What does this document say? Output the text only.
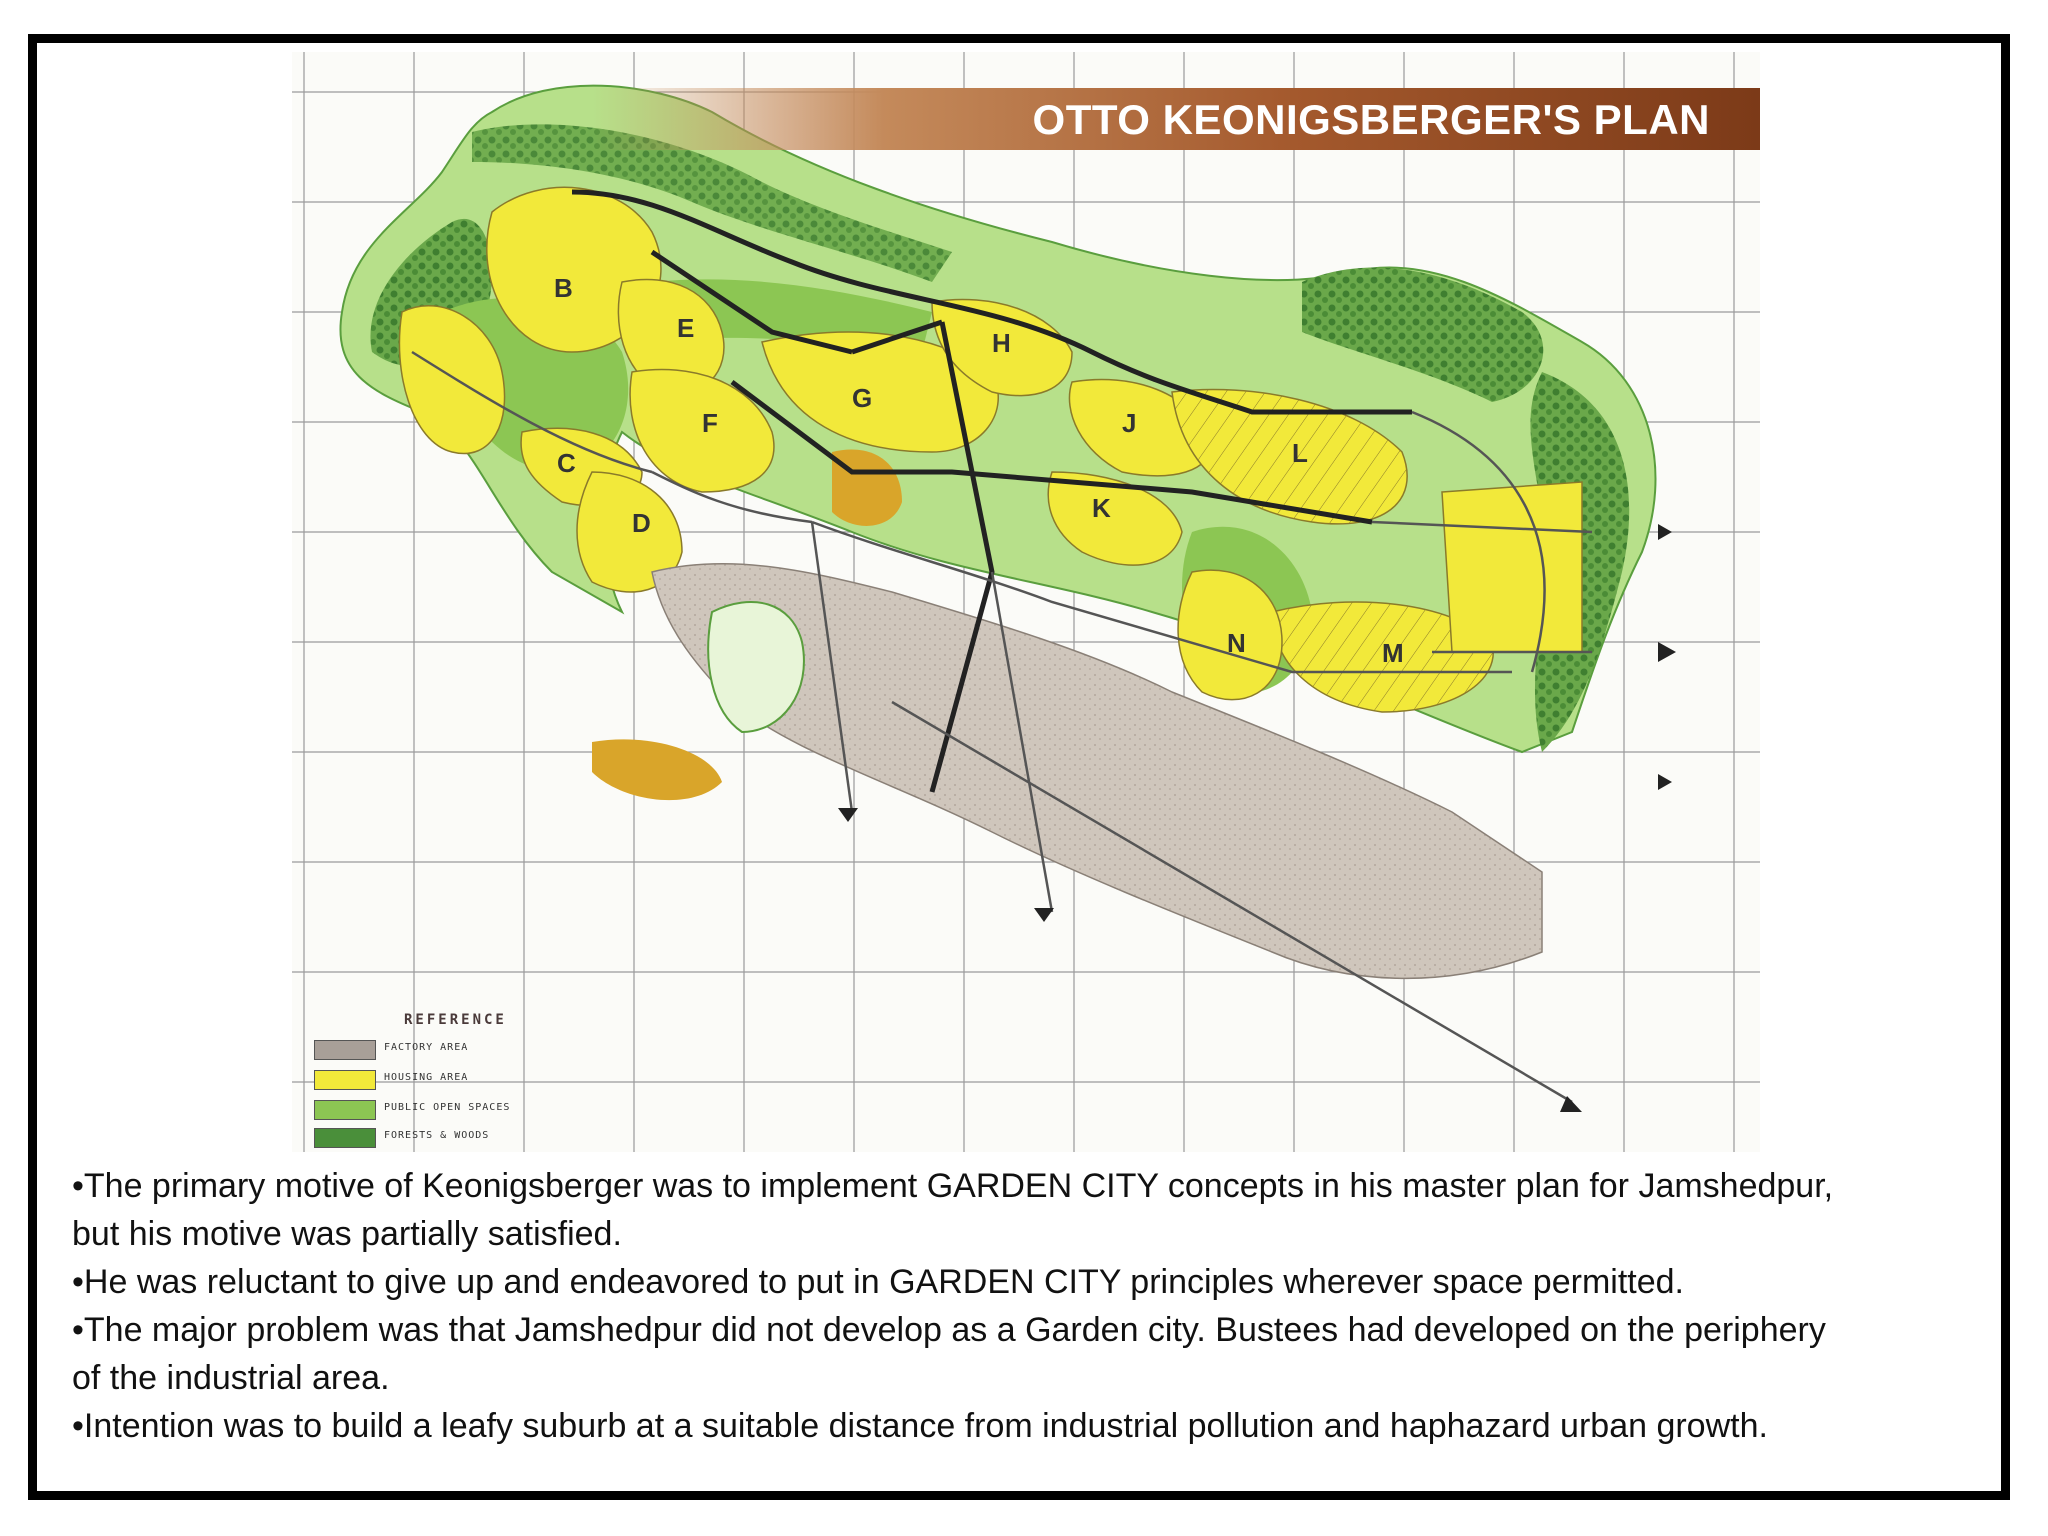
B
E
F
C
D
G
H
J
K
L
N	M
REFERENCE
FACTORY AREA
HOUSING AREA
PUBLIC OPEN SPACES
FORESTS & WOODS
OTTO KEONIGSBERGER'S PLAN
•The primary motive of Keonigsberger was to implement GARDEN CITY concepts in his master plan for Jamshedpur,
but his motive was partially satisfied.
•He was reluctant to give up and endeavored to put in GARDEN CITY principles wherever space permitted.
•The major problem was that Jamshedpur did not develop as a Garden city. Bustees had developed on the periphery
of the industrial area.
•Intention was to build a leafy suburb at a suitable distance from industrial pollution and haphazard urban growth.
